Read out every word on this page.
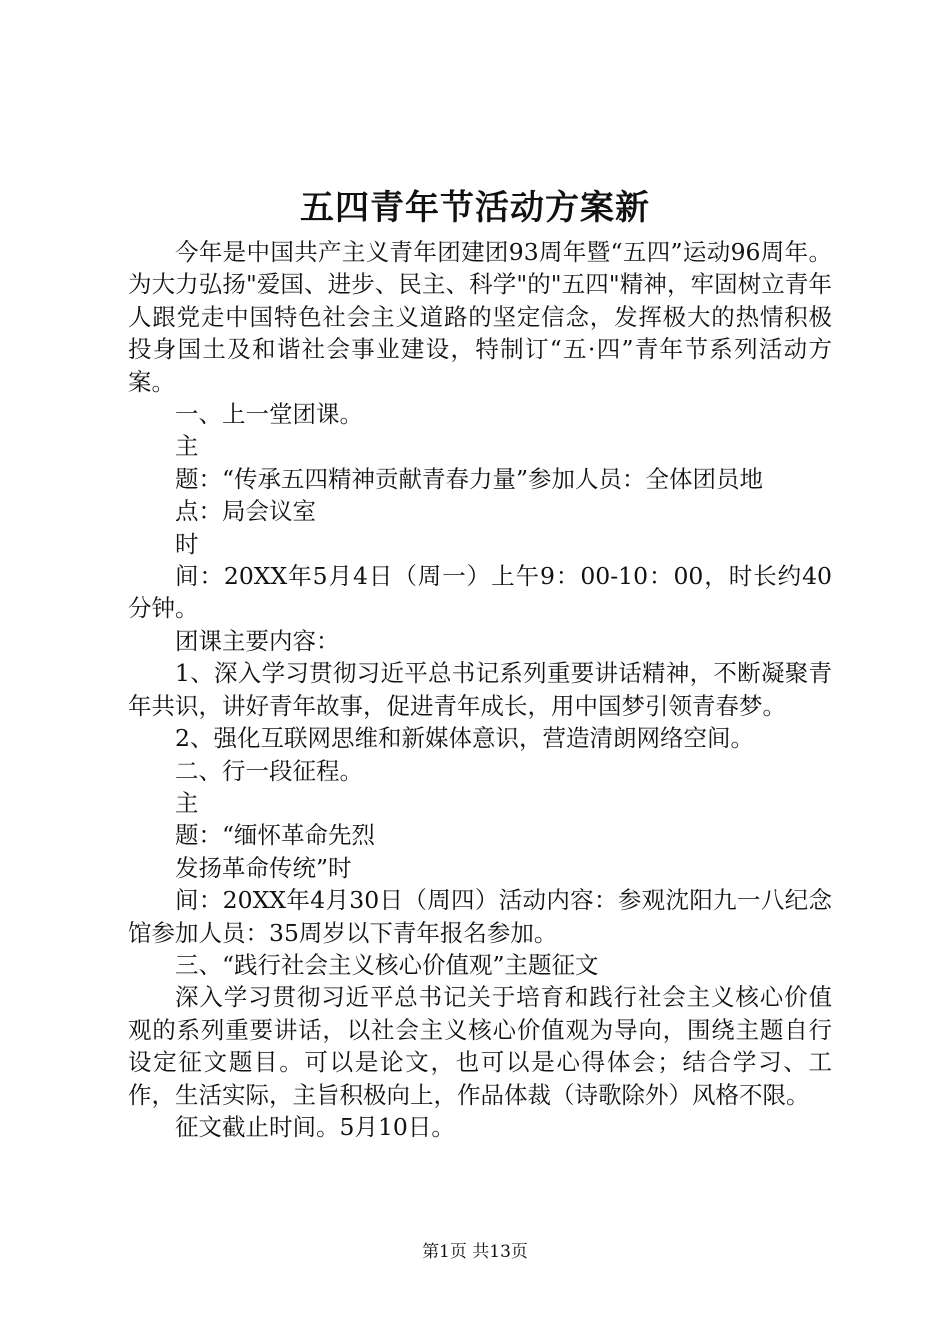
五四青年节活动方案新

今年是中国共产主义青年团建团93周年暨“五四”运动96周年。为大力弘扬"爱国、进步、民主、科学"的"五四"精神，牢固树立青年人跟党走中国特色社会主义道路的坚定信念，发挥极大的热情积极投身国土及和谐社会事业建设，特制订“五·四”青年节系列活动方案。

一、上一堂团课。

主

题：“传承五四精神贡献青春力量”参加人员：全体团员地

点：局会议室

时

间：20XX年5月4日（周一）上午9：00-10：00，时长约40分钟。

团课主要内容：

1、深入学习贯彻习近平总书记系列重要讲话精神，不断凝聚青年共识，讲好青年故事，促进青年成长，用中国梦引领青春梦。

2、强化互联网思维和新媒体意识，营造清朗网络空间。

二、行一段征程。

主

题：“缅怀革命先烈

发扬革命传统”时

间：20XX年4月30日（周四）活动内容：参观沈阳九一八纪念馆参加人员：35周岁以下青年报名参加。

三、“践行社会主义核心价值观”主题征文

深入学习贯彻习近平总书记关于培育和践行社会主义核心价值观的系列重要讲话，以社会主义核心价值观为导向，围绕主题自行设定征文题目。可以是论文，也可以是心得体会；结合学习、工作，生活实际，主旨积极向上，作品体裁（诗歌除外）风格不限。

征文截止时间。5月10日。

第1页 共13页
